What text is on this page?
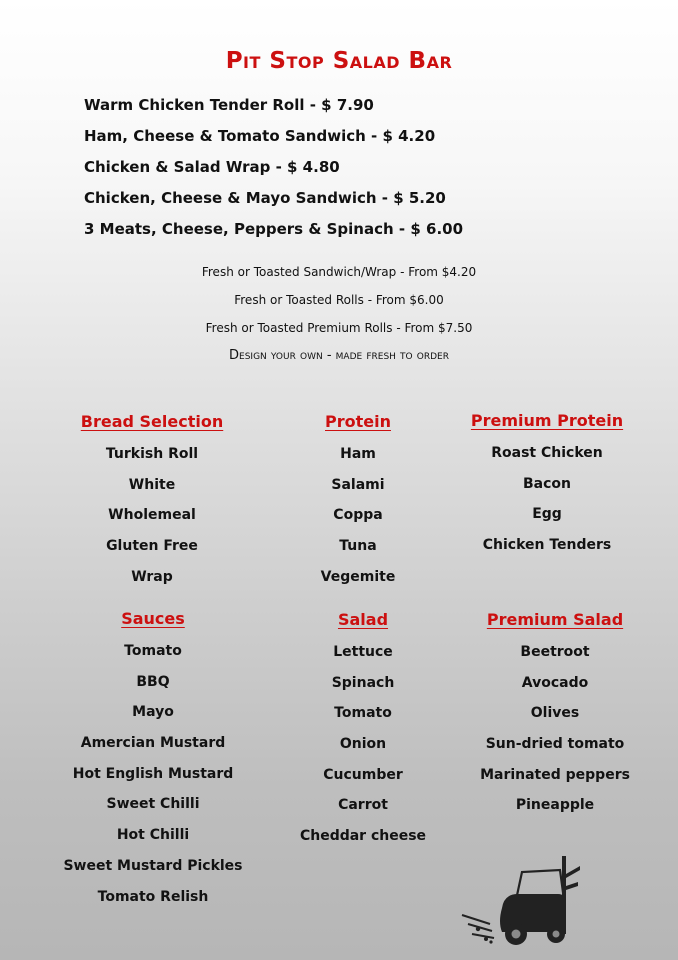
Pit Stop Salad Bar
Warm Chicken Tender Roll - $ 7.90
Ham, Cheese & Tomato Sandwich - $ 4.20
Chicken & Salad Wrap - $ 4.80
Chicken, Cheese & Mayo Sandwich - $ 5.20
3 Meats, Cheese, Peppers & Spinach - $ 6.00
Fresh or Toasted Sandwich/Wrap - From $4.20
Fresh or Toasted Rolls - From $6.00
Fresh or Toasted Premium Rolls - From $7.50
Design your own - made fresh to order
Bread Selection
Turkish Roll
White
Wholemeal
Gluten Free
Wrap
Protein
Ham
Salami
Coppa
Tuna
Vegemite
Premium Protein
Roast Chicken
Bacon
Egg
Chicken Tenders
Sauces
Tomato
BBQ
Mayo
Amercian Mustard
Hot English Mustard
Sweet Chilli
Hot Chilli
Sweet Mustard Pickles
Tomato Relish
Salad
Lettuce
Spinach
Tomato
Onion
Cucumber
Carrot
Cheddar cheese
Premium Salad
Beetroot
Avocado
Olives
Sun-dried tomato
Marinated peppers
Pineapple
